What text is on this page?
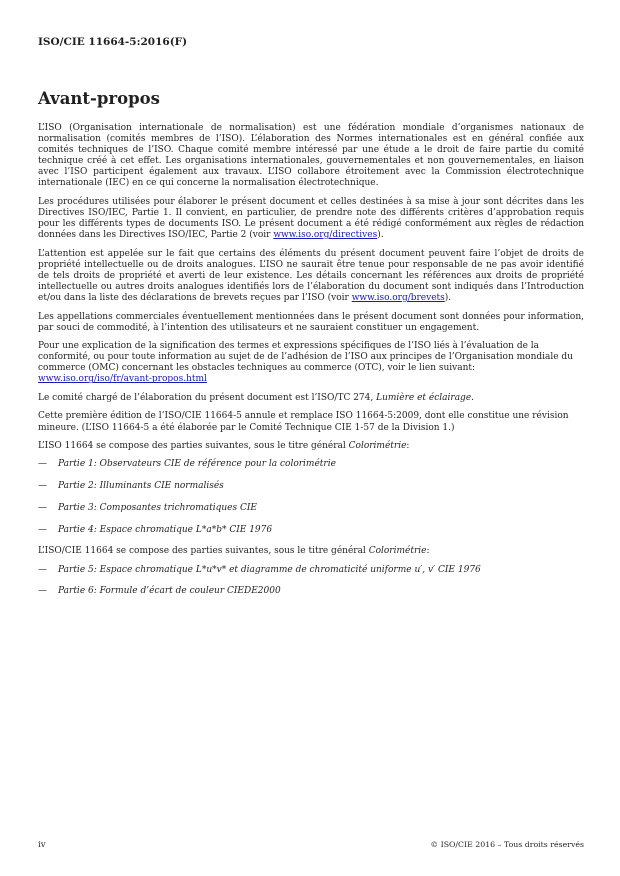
ISO/CIE 11664-5:2016(F)
Avant-propos

L’ISO (Organisation internationale de normalisation) est une fédération mondiale d’organismes nationaux de normalisation (comités membres de l’ISO). L’élaboration des Normes internationales est en général confiée aux comités techniques de l’ISO. Chaque comité membre intéressé par une étude a le droit de faire partie du comité technique créé à cet effet. Les organisations internationales, gouvernementales et non gouvernementales, en liaison avec l’ISO participent également aux travaux. L’ISO collabore étroitement avec la Commission électrotechnique internationale (IEC) en ce qui concerne la normalisation électrotechnique.

Les procédures utilisées pour élaborer le présent document et celles destinées à sa mise à jour sont décrites dans les Directives ISO/IEC, Partie 1. Il convient, en particulier, de prendre note des différents critères d’approbation requis pour les différents types de documents ISO. Le présent document a été rédigé conformément aux règles de rédaction données dans les Directives ISO/IEC, Partie 2 (voir www.iso.org/directives).

L’attention est appelée sur le fait que certains des éléments du présent document peuvent faire l’objet de droits de propriété intellectuelle ou de droits analogues. L’ISO ne saurait être tenue pour responsable de ne pas avoir identifié de tels droits de propriété et averti de leur existence. Les détails concernant les références aux droits de propriété intellectuelle ou autres droits analogues identifiés lors de l’élaboration du document sont indiqués dans l’Introduction et/ou dans la liste des déclarations de brevets reçues par l’ISO (voir www.iso.org/brevets).

Les appellations commerciales éventuellement mentionnées dans le présent document sont données pour information, par souci de commodité, à l’intention des utilisateurs et ne sauraient constituer un engagement.

Pour une explication de la signification des termes et expressions spécifiques de l’ISO liés à l’évaluation de la conformité, ou pour toute information au sujet de de l’adhésion de l’ISO aux principes de l’Organisation mondiale du commerce (OMC) concernant les obstacles techniques au commerce (OTC), voir le lien suivant: www.iso.org/iso/fr/avant-propos.html

Le comité chargé de l’élaboration du présent document est l’ISO/TC 274, Lumière et éclairage.

Cette première édition de l’ISO/CIE 11664-5 annule et remplace ISO 11664-5:2009, dont elle constitue une révision mineure. (L’ISO 11664-5 a été élaborée par le Comité Technique CIE 1-57 de la Division 1.)

L’ISO 11664 se compose des parties suivantes, sous le titre général Colorimétrie:

—	Partie 1: Observateurs CIE de référence pour la colorimétrie
—	Partie 2: Illuminants CIE normalisés
—	Partie 3: Composantes trichromatiques CIE
—	Partie 4: Espace chromatique L*a*b* CIE 1976

L’ISO/CIE 11664 se compose des parties suivantes, sous le titre général Colorimétrie:

—	Partie 5: Espace chromatique L*u*v* et diagramme de chromaticité uniforme u′, v′ CIE 1976
—	Partie 6: Formule d’écart de couleur CIEDE2000
iv	© ISO/CIE 2016 – Tous droits réservés
